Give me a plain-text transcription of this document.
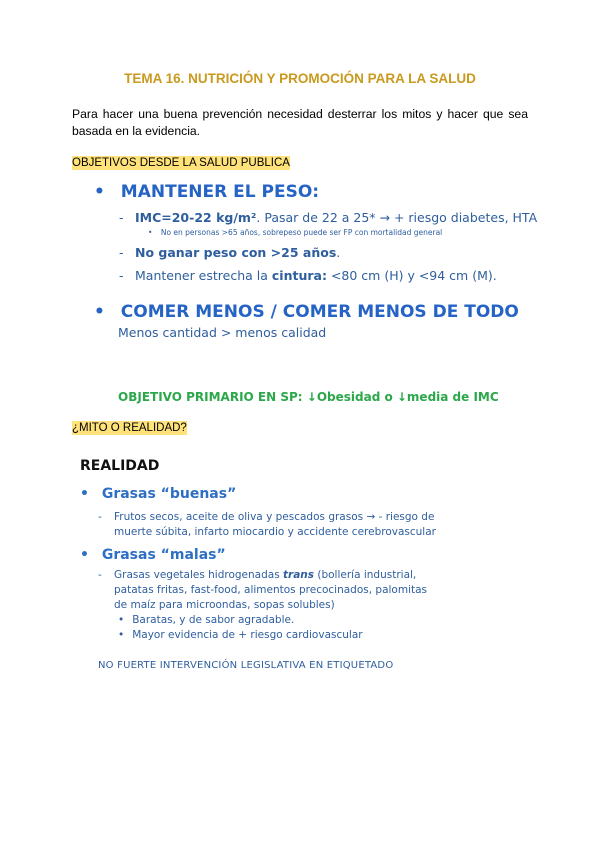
TEMA 16. NUTRICIÓN Y PROMOCIÓN PARA LA SALUD
Para hacer una buena prevención necesidad desterrar los mitos y hacer que sea basada en la evidencia.
OBJETIVOS DESDE LA SALUD PUBLICA
• MANTENER EL PESO:
- IMC=20-22 kg/m². Pasar de 22 a 25* → + riesgo diabetes, HTA
• No en personas >65 años, sobrepeso puede ser FP con mortalidad general
- No ganar peso con >25 años.
- Mantener estrecha la cintura: <80 cm (H) y <94 cm (M).
• COMER MENOS / COMER MENOS DE TODO
Menos cantidad > menos calidad
OBJETIVO PRIMARIO EN SP: ↓Obesidad o ↓media de IMC
¿MITO O REALIDAD?
REALIDAD
• Grasas “buenas”
- Frutos secos, aceite de oliva y pescados grasos → - riesgo de
muerte súbita, infarto miocardio y accidente cerebrovascular
• Grasas “malas”
- Grasas vegetales hidrogenadas trans (bollería industrial,
patatas fritas, fast-food, alimentos precocinados, palomitas
de maíz para microondas, sopas solubles)
• Baratas, y de sabor agradable.
• Mayor evidencia de + riesgo cardiovascular
NO FUERTE INTERVENCIÓN LEGISLATIVA EN ETIQUETADO
